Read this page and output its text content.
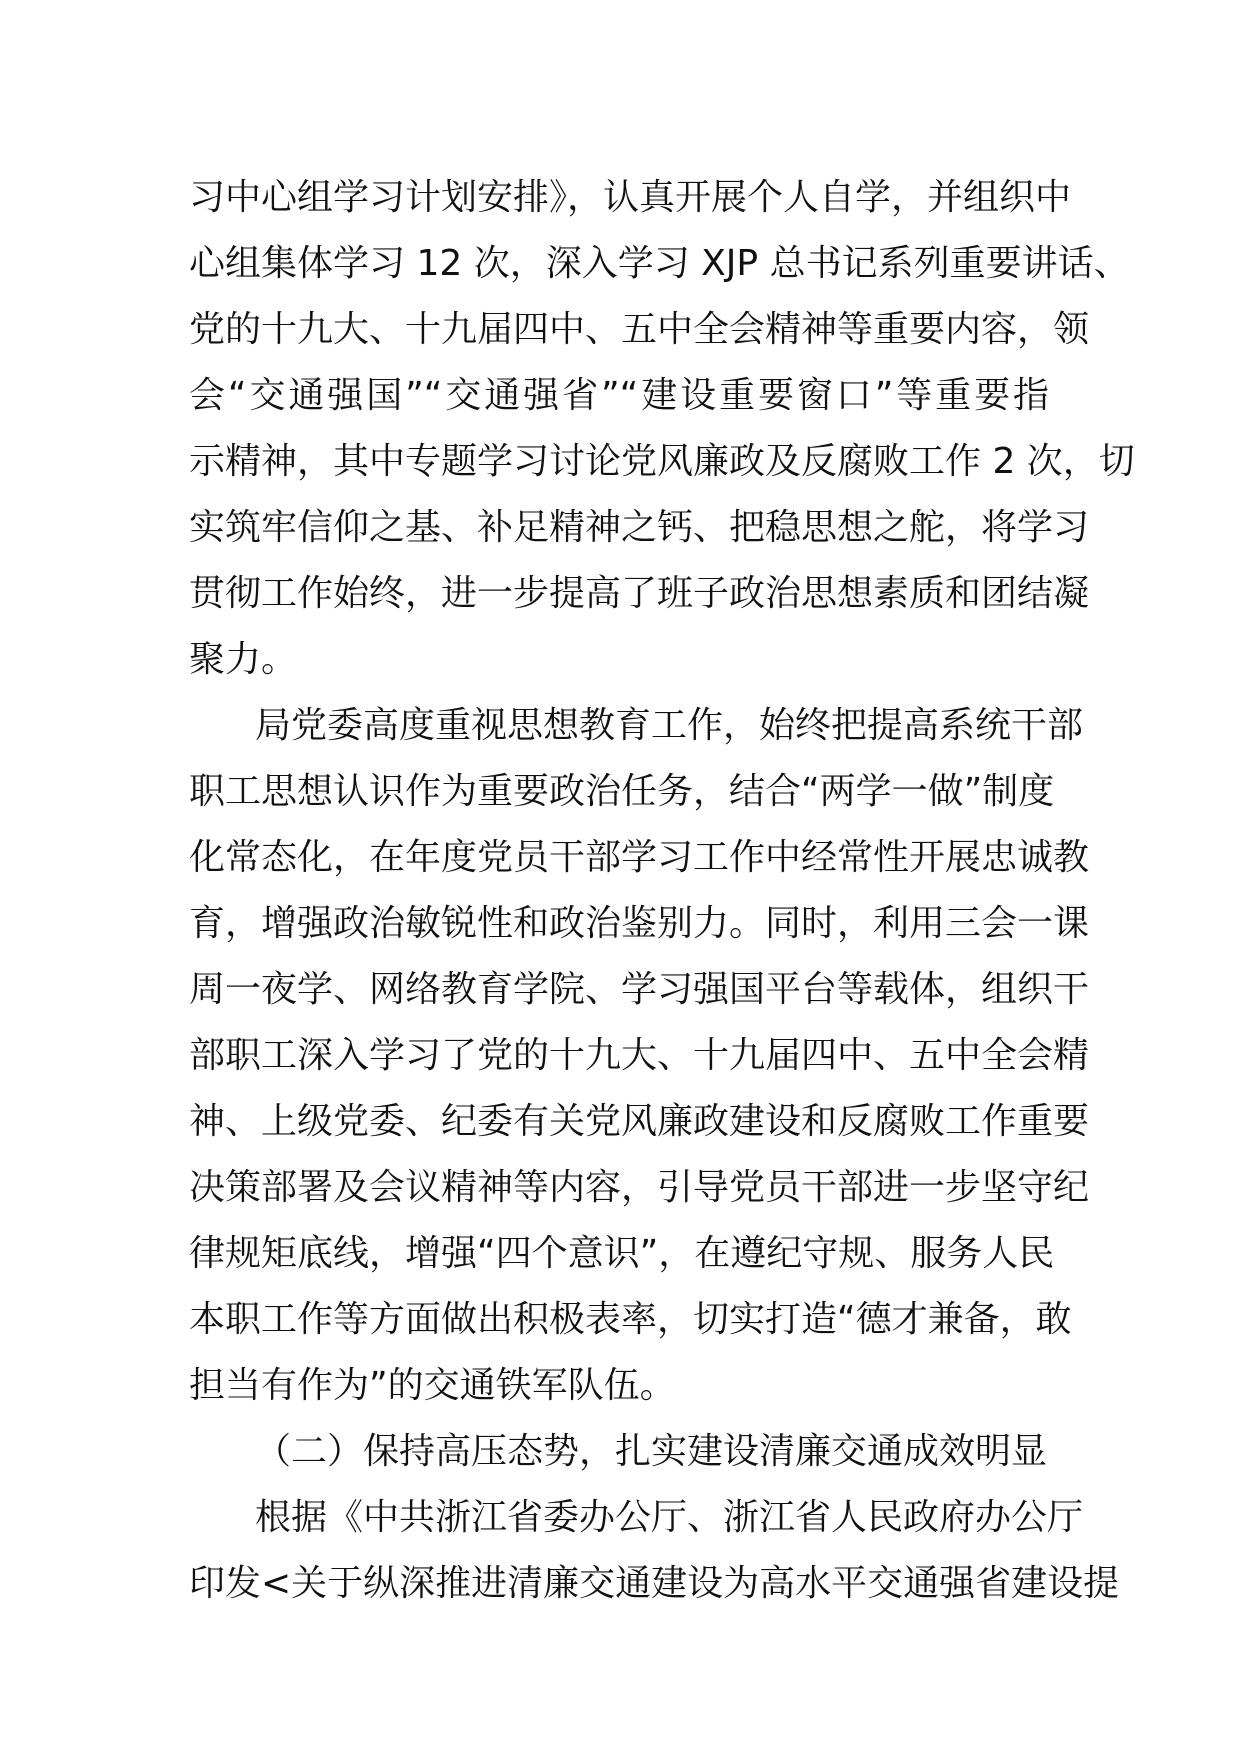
习中心组学习计划安排》，认真开展个人自学，并组织中
心组集体学习 12 次，深入学习 XJP 总书记系列重要讲话、
党的十九大、十九届四中、五中全会精神等重要内容，领
会“交通强国”“交通强省”“建设重要窗口”等重要指
示精神，其中专题学习讨论党风廉政及反腐败工作 2 次，切
实筑牢信仰之基、补足精神之钙、把稳思想之舵，将学习
贯彻工作始终，进一步提高了班子政治思想素质和团结凝
聚力。
局党委高度重视思想教育工作，始终把提高系统干部
职工思想认识作为重要政治任务，结合“两学一做”制度
化常态化，在年度党员干部学习工作中经常性开展忠诚教
育，增强政治敏锐性和政治鉴别力。同时，利用三会一课
周一夜学、网络教育学院、学习强国平台等载体，组织干
部职工深入学习了党的十九大、十九届四中、五中全会精
神、上级党委、纪委有关党风廉政建设和反腐败工作重要
决策部署及会议精神等内容，引导党员干部进一步坚守纪
律规矩底线，增强“四个意识”，在遵纪守规、服务人民
本职工作等方面做出积极表率，切实打造“德才兼备，敢
担当有作为”的交通铁军队伍。
（二）保持高压态势，扎实建设清廉交通成效明显
根据《中共浙江省委办公厅、浙江省人民政府办公厅
印发<关于纵深推进清廉交通建设为高水平交通强省建设提
